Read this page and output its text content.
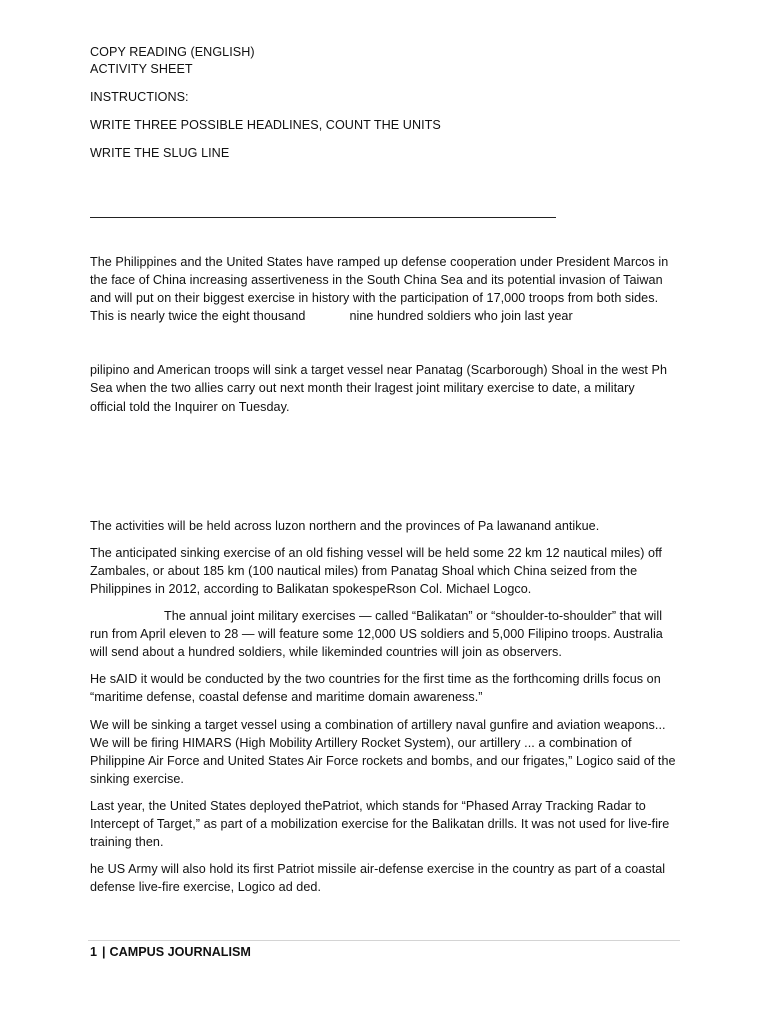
COPY READING (ENGLISH)
ACTIVITY SHEET
INSTRUCTIONS:
WRITE THREE POSSIBLE HEADLINES, COUNT THE UNITS
WRITE THE SLUG LINE
The Philippines and the United States have ramped up defense cooperation under President Marcos in
the face of China increasing assertiveness in the South China Sea and its potential invasion of Taiwan
and will put on their biggest exercise in history with the participation of 17,000 troops from both sides.
This is nearly twice the eight thousand	nine hundred soldiers who join last year
pilipino and American troops will sink a target vessel near Panatag (Scarborough) Shoal in the west Ph
Sea when the two allies carry out next month their lragest joint military exercise to date, a military
official told the Inquirer on Tuesday.
The activities will be held across luzon northern and the provinces of Pa lawanand antikue.
The anticipated sinking exercise of an old fishing vessel will be held some 22 km 12 nautical miles) off
Zambales, or about 185 km (100 nautical miles) from Panatag Shoal which China seized from the
Philippines in 2012, according to Balikatan spokespeRson Col. Michael Logco.
The annual joint military exercises — called “Balikatan” or “shoulder-to-shoulder” that will
run from April eleven to 28 — will feature some 12,000 US soldiers and 5,000 Filipino troops. Australia
will send about a hundred soldiers, while likeminded countries will join as observers.
He sAID it would be conducted by the two countries for the first time as the forthcoming drills focus on
“maritime defense, coastal defense and maritime domain awareness.”
We will be sinking a target vessel using a combination of artillery naval gunfire and aviation weapons...
We will be firing HIMARS (High Mobility Artillery Rocket System), our artillery ... a combination of
Philippine Air Force and United States Air Force rockets and bombs, and our frigates,” Logico said of the
sinking exercise.
Last year, the United States deployed thePatriot, which stands for “Phased Array Tracking Radar to
Intercept of Target,” as part of a mobilization exercise for the Balikatan drills. It was not used for live-fire
training then.
he US Army will also hold its first Patriot missile air-defense exercise in the country as part of a coastal
defense live-fire exercise, Logico ad ded.
1 | CAMPUS JOURNALISM
